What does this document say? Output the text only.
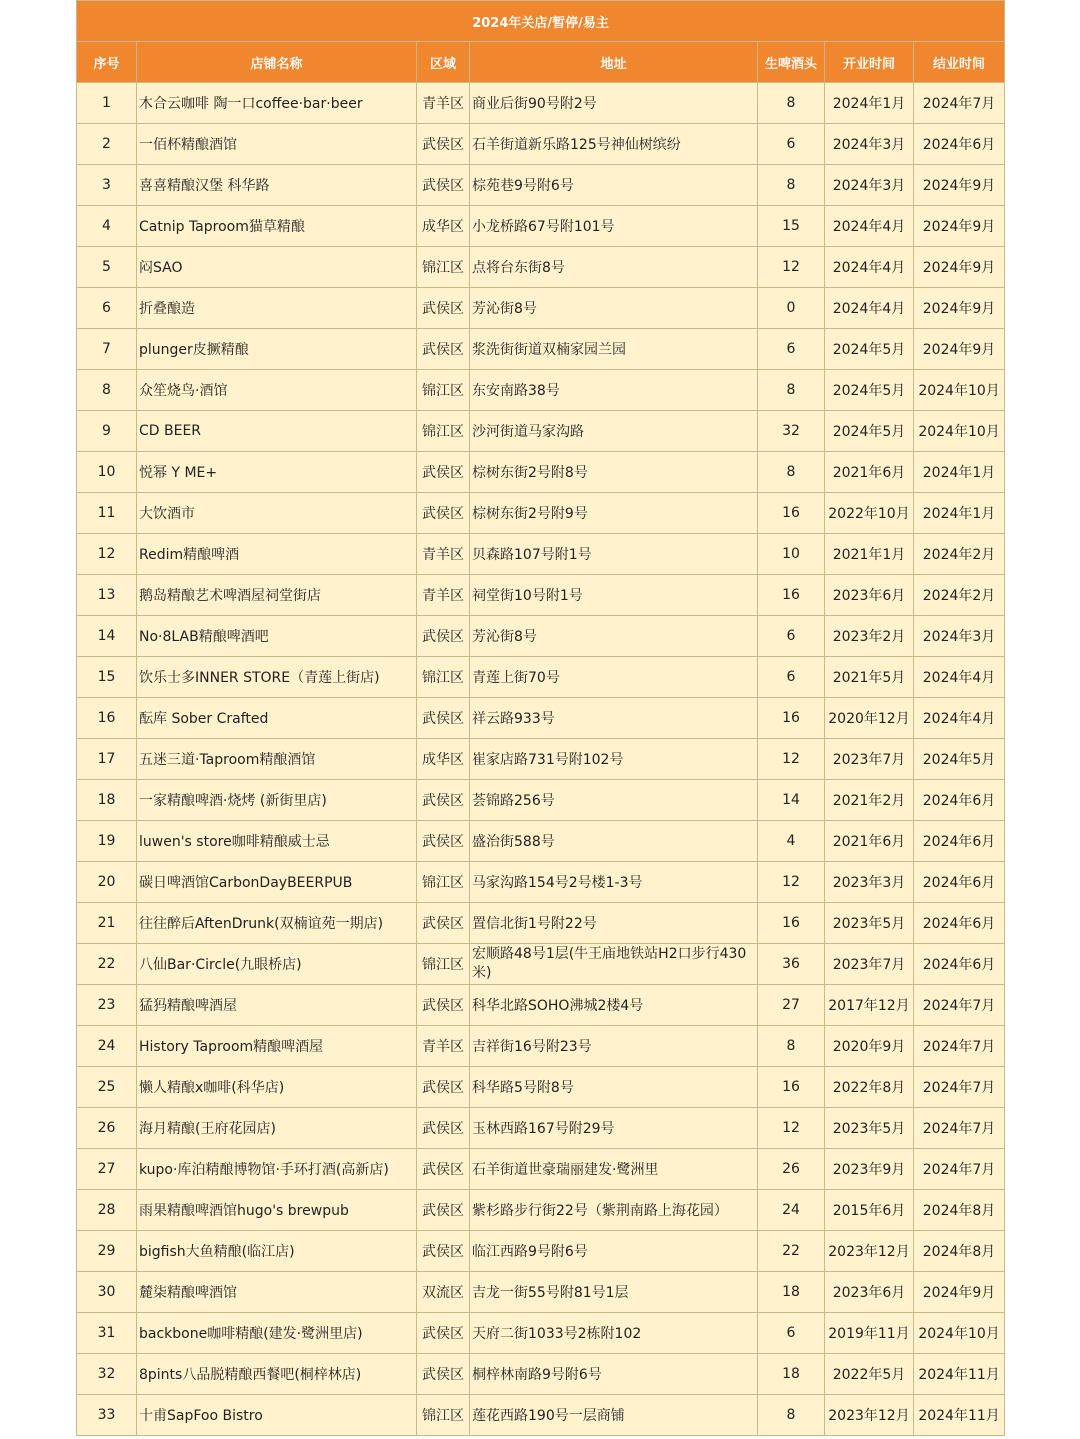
2024年关店/暂停/易主						
序号	店铺名称	区域	地址	生啤酒头	开业时间	结业时间
1	木合云咖啡 陶一口coffee·bar·beer	青羊区	商业后街90号附2号	8	2024年1月	2024年7月
2	一佰杯精酿酒馆	武侯区	石羊街道新乐路125号神仙树缤纷	6	2024年3月	2024年6月
3	喜喜精酿汉堡 科华路	武侯区	棕苑巷9号附6号	8	2024年3月	2024年9月
4	Catnip Taproom猫草精酿	成华区	小龙桥路67号附101号	15	2024年4月	2024年9月
5	闷SAO	锦江区	点将台东街8号	12	2024年4月	2024年9月
6	折叠酿造	武侯区	芳沁街8号	0	2024年4月	2024年9月
7	plunger皮撅精酿	武侯区	浆洗街街道双楠家园兰园	6	2024年5月	2024年9月
8	众笙烧鸟·酒馆	锦江区	东安南路38号	8	2024年5月	2024年10月
9	CD BEER	锦江区	沙河街道马家沟路	32	2024年5月	2024年10月
10	悦幂 Y ME+	武侯区	棕树东街2号附8号	8	2021年6月	2024年1月
11	大饮酒市	武侯区	棕树东街2号附9号	16	2022年10月	2024年1月
12	Redim精酿啤酒	青羊区	贝森路107号附1号	10	2021年1月	2024年2月
13	鹅岛精酿艺术啤酒屋祠堂街店	青羊区	祠堂街10号附1号	16	2023年6月	2024年2月
14	No·8LAB精酿啤酒吧	武侯区	芳沁街8号	6	2023年2月	2024年3月
15	饮乐士多INNER STORE（青莲上街店)	锦江区	青莲上街70号	6	2021年5月	2024年4月
16	酝库 Sober Crafted	武侯区	祥云路933号	16	2020年12月	2024年4月
17	五迷三道·Taproom精酿酒馆	成华区	崔家店路731号附102号	12	2023年7月	2024年5月
18	一家精酿啤酒·烧烤 (新街里店)	武侯区	荟锦路256号	14	2021年2月	2024年6月
19	luwen's store咖啡精酿威士忌	武侯区	盛治街588号	4	2021年6月	2024年6月
20	碳日啤酒馆CarbonDayBEERPUB	锦江区	马家沟路154号2号楼1-3号	12	2023年3月	2024年6月
21	往往醉后AftenDrunk(双楠谊苑一期店)	武侯区	置信北街1号附22号	16	2023年5月	2024年6月
22	八仙Bar·Circle(九眼桥店)	锦江区	宏顺路48号1层(牛王庙地铁站H2口步行430米)	36	2023年7月	2024年6月
23	猛犸精酿啤酒屋	武侯区	科华北路SOHO沸城2楼4号	27	2017年12月	2024年7月
24	History Taproom精酿啤酒屋	青羊区	吉祥街16号附23号	8	2020年9月	2024年7月
25	懒人精酿x咖啡(科华店)	武侯区	科华路5号附8号	16	2022年8月	2024年7月
26	海月精酿(王府花园店)	武侯区	玉林西路167号附29号	12	2023年5月	2024年7月
27	kupo·库泊精酿博物馆·手环打酒(高新店)	武侯区	石羊街道世豪瑞丽建发·鹭洲里	26	2023年9月	2024年7月
28	雨果精酿啤酒馆hugo's brewpub	武侯区	紫杉路步行街22号（紫荆南路上海花园）	24	2015年6月	2024年8月
29	bigfish大鱼精酿(临江店)	武侯区	临江西路9号附6号	22	2023年12月	2024年8月
30	麓柒精酿啤酒馆	双流区	吉龙一街55号附81号1层	18	2023年6月	2024年9月
31	backbone咖啡精酿(建发·鹭洲里店)	武侯区	天府二街1033号2栋附102	6	2019年11月	2024年10月
32	8pints八品脱精酿西餐吧(桐梓林店)	武侯区	桐梓林南路9号附6号	18	2022年5月	2024年11月
33	十甫SapFoo Bistro	锦江区	莲花西路190号一层商铺	8	2023年12月	2024年11月
